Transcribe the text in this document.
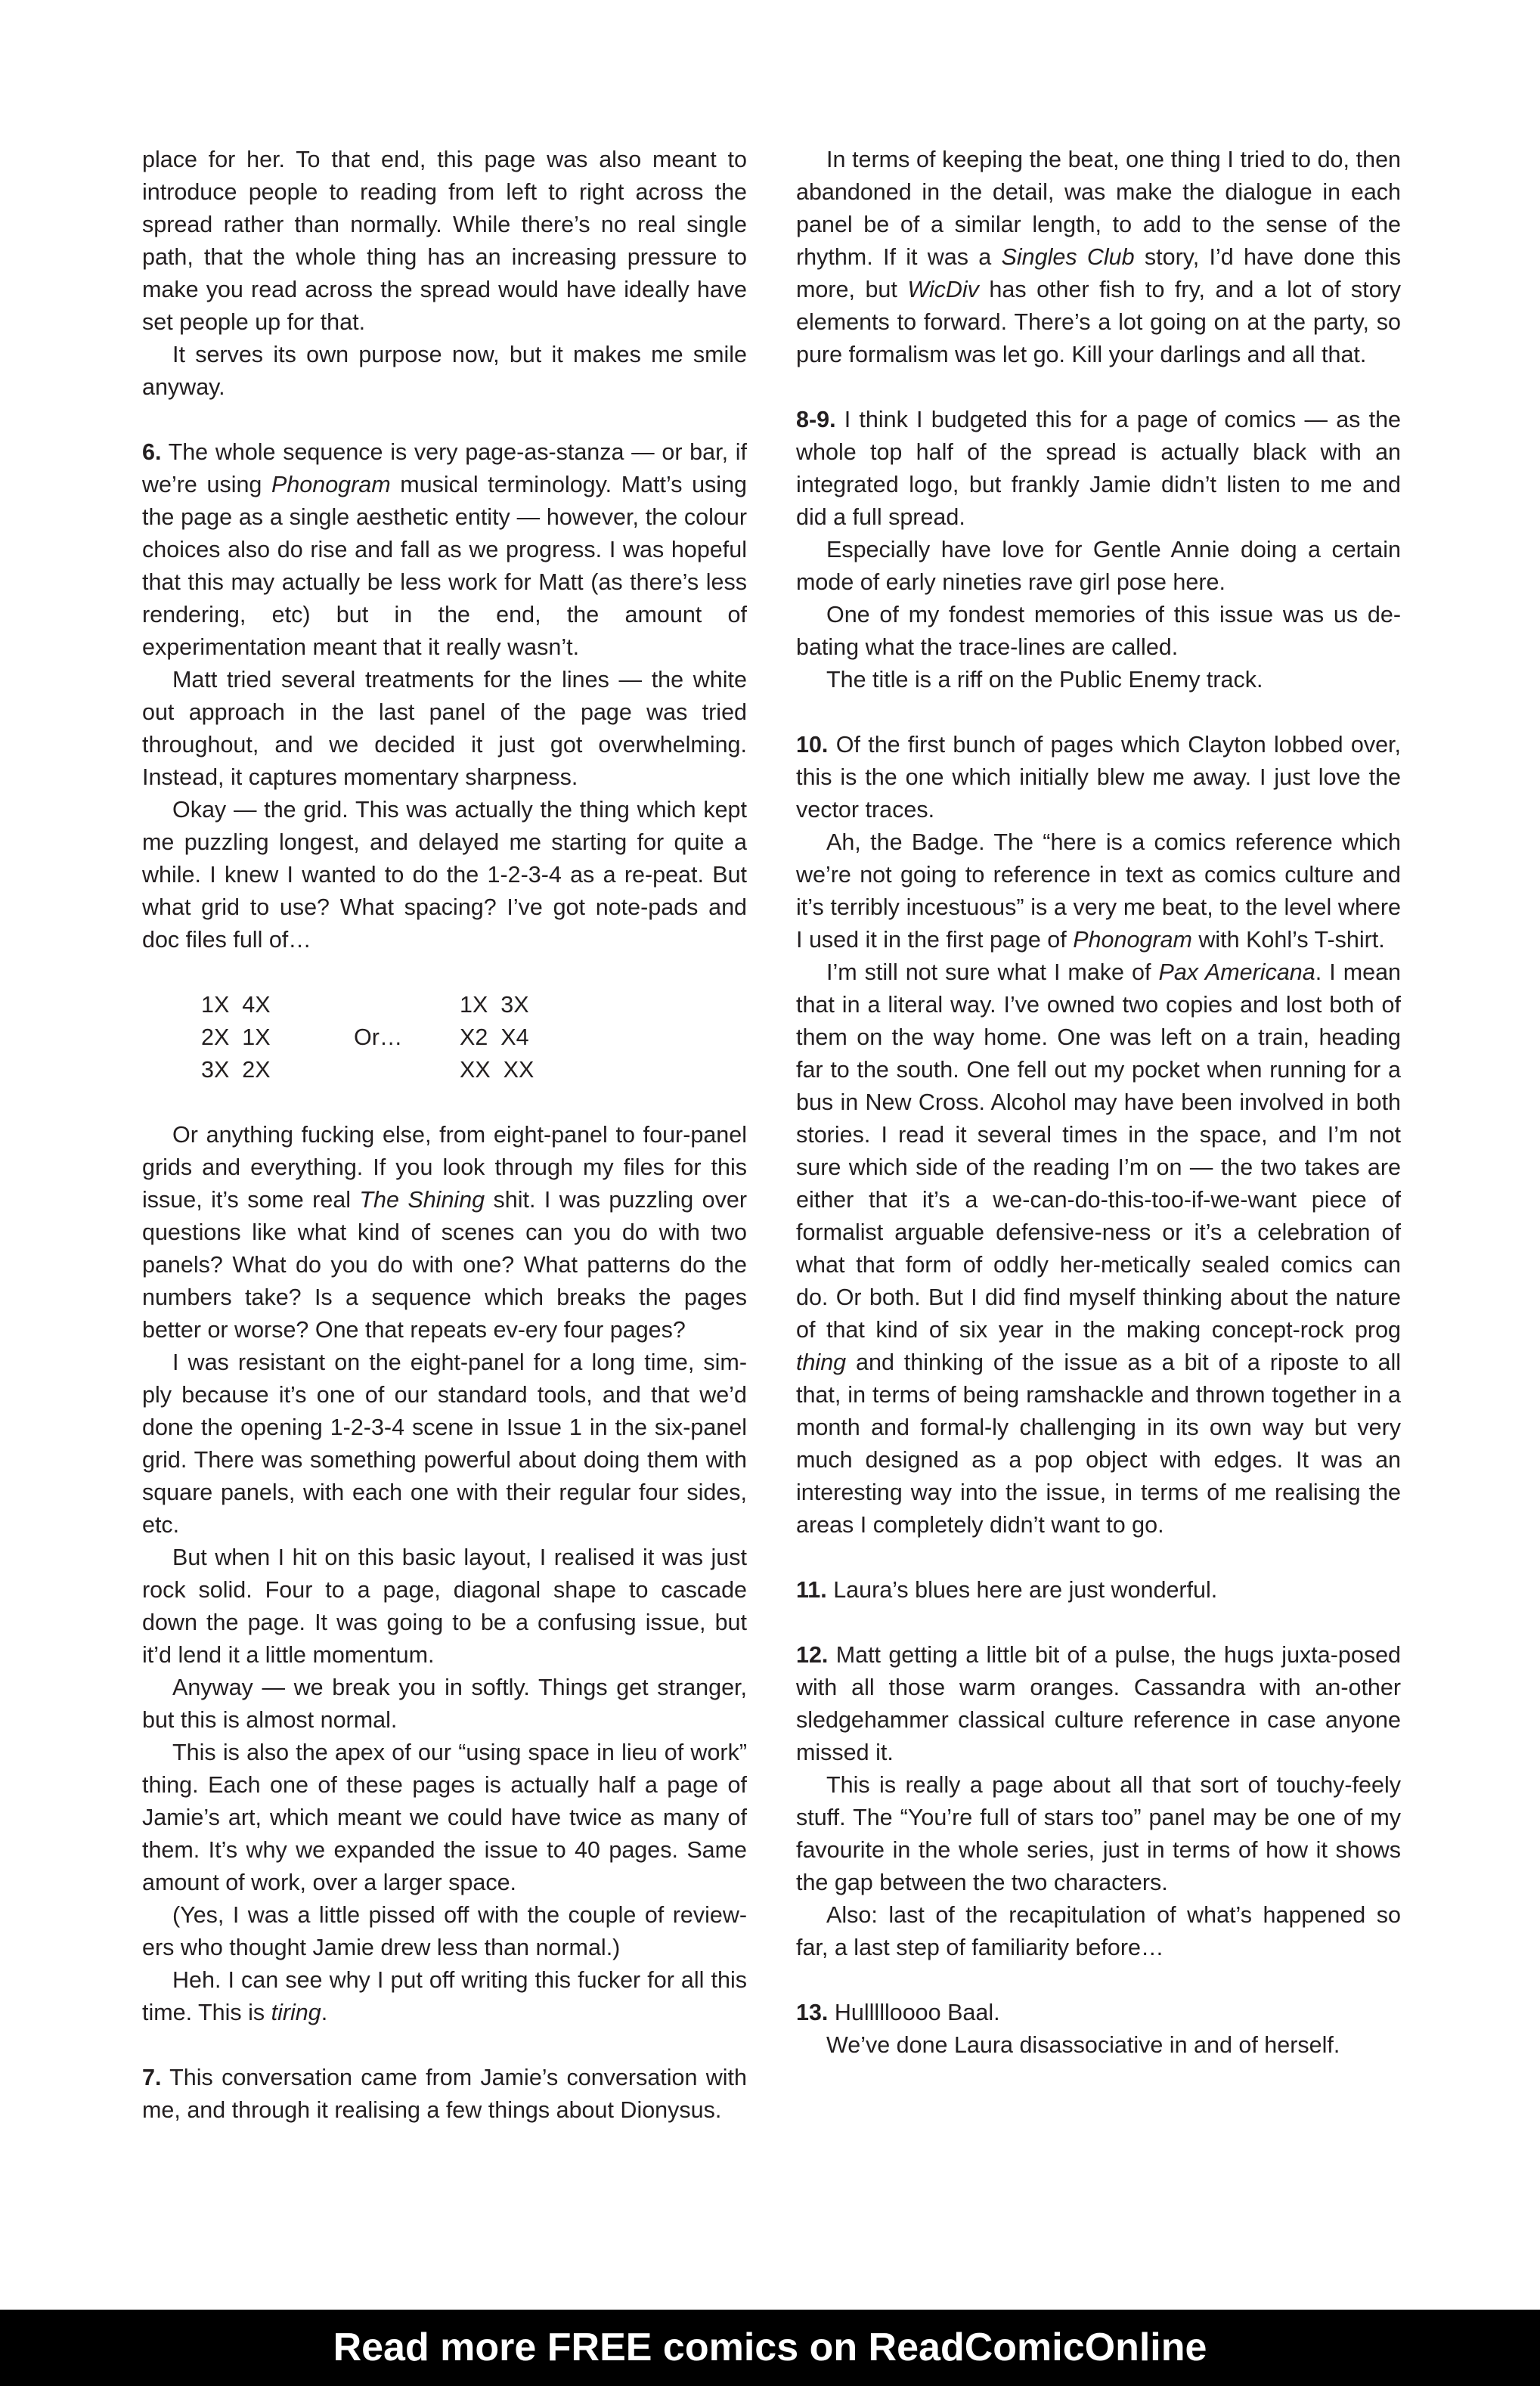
place for her. To that end, this page was also meant to introduce people to reading from left to right across the spread rather than normally. While there’s no real single path, that the whole thing has an increasing pressure to make you read across the spread would have ideally have set people up for that.

It serves its own purpose now, but it makes me smile anyway.

6. The whole sequence is very page-as-stanza — or bar, if we’re using Phonogram musical terminology. Matt’s using the page as a single aesthetic entity — however, the colour choices also do rise and fall as we progress. I was hopeful that this may actually be less work for Matt (as there’s less rendering, etc) but in the end, the amount of experimentation meant that it really wasn’t.

Matt tried several treatments for the lines — the white out approach in the last panel of the page was tried throughout, and we decided it just got overwhelming. Instead, it captures momentary sharpness.

Okay — the grid. This was actually the thing which kept me puzzling longest, and delayed me starting for quite a while. I knew I wanted to do the 1-2-3-4 as a re-peat. But what grid to use? What spacing? I’ve got note-pads and doc files full of…

1X  4X
2X  1X
3X  2X
Or…
1X  3X
X2  X4
XX  XX

Or anything fucking else, from eight-panel to four-panel grids and everything. If you look through my files for this issue, it’s some real The Shining shit. I was puzzling over questions like what kind of scenes can you do with two panels? What do you do with one? What patterns do the numbers take? Is a sequence which breaks the pages better or worse? One that repeats ev-ery four pages?

I was resistant on the eight-panel for a long time, sim-ply because it’s one of our standard tools, and that we’d done the opening 1-2-3-4 scene in Issue 1 in the six-panel grid. There was something powerful about doing them with square panels, with each one with their regular four sides, etc.

But when I hit on this basic layout, I realised it was just rock solid. Four to a page, diagonal shape to cascade down the page. It was going to be a confusing issue, but it’d lend it a little momentum.

Anyway — we break you in softly. Things get stranger, but this is almost normal.

This is also the apex of our “using space in lieu of work” thing. Each one of these pages is actually half a page of Jamie’s art, which meant we could have twice as many of them. It’s why we expanded the issue to 40 pages. Same amount of work, over a larger space.

(Yes, I was a little pissed off with the couple of review-ers who thought Jamie drew less than normal.)

Heh. I can see why I put off writing this fucker for all this time. This is tiring.

7. This conversation came from Jamie’s conversation with me, and through it realising a few things about Dionysus.

In terms of keeping the beat, one thing I tried to do, then abandoned in the detail, was make the dialogue in each panel be of a similar length, to add to the sense of the rhythm. If it was a Singles Club story, I’d have done this more, but WicDiv has other fish to fry, and a lot of story elements to forward. There’s a lot going on at the party, so pure formalism was let go. Kill your darlings and all that.

8-9. I think I budgeted this for a page of comics — as the whole top half of the spread is actually black with an integrated logo, but frankly Jamie didn’t listen to me and did a full spread.

Especially have love for Gentle Annie doing a certain mode of early nineties rave girl pose here.

One of my fondest memories of this issue was us de-bating what the trace-lines are called.

The title is a riff on the Public Enemy track.

10. Of the first bunch of pages which Clayton lobbed over, this is the one which initially blew me away. I just love the vector traces.

Ah, the Badge. The “here is a comics reference which we’re not going to reference in text as comics culture and it’s terribly incestuous” is a very me beat, to the level where I used it in the first page of Phonogram with Kohl’s T-shirt.

I’m still not sure what I make of Pax Americana. I mean that in a literal way. I’ve owned two copies and lost both of them on the way home. One was left on a train, heading far to the south. One fell out my pocket when running for a bus in New Cross. Alcohol may have been involved in both stories. I read it several times in the space, and I’m not sure which side of the reading I’m on — the two takes are either that it’s a we-can-do-this-too-if-we-want piece of formalist arguable defensive-ness or it’s a celebration of what that form of oddly her-metically sealed comics can do. Or both. But I did find myself thinking about the nature of that kind of six year in the making concept-rock prog thing and thinking of the issue as a bit of a riposte to all that, in terms of being ramshackle and thrown together in a month and formal-ly challenging in its own way but very much designed as a pop object with edges. It was an interesting way into the issue, in terms of me realising the areas I completely didn’t want to go.

11. Laura’s blues here are just wonderful.

12. Matt getting a little bit of a pulse, the hugs juxta-posed with all those warm oranges. Cassandra with an-other sledgehammer classical culture reference in case anyone missed it.

This is really a page about all that sort of touchy-feely stuff. The “You’re full of stars too” panel may be one of my favourite in the whole series, just in terms of how it shows the gap between the two characters.

Also: last of the recapitulation of what’s happened so far, a last step of familiarity before…

13. Hullllloooo Baal.

We’ve done Laura disassociative in and of herself.

Read more FREE comics on ReadComicOnline
